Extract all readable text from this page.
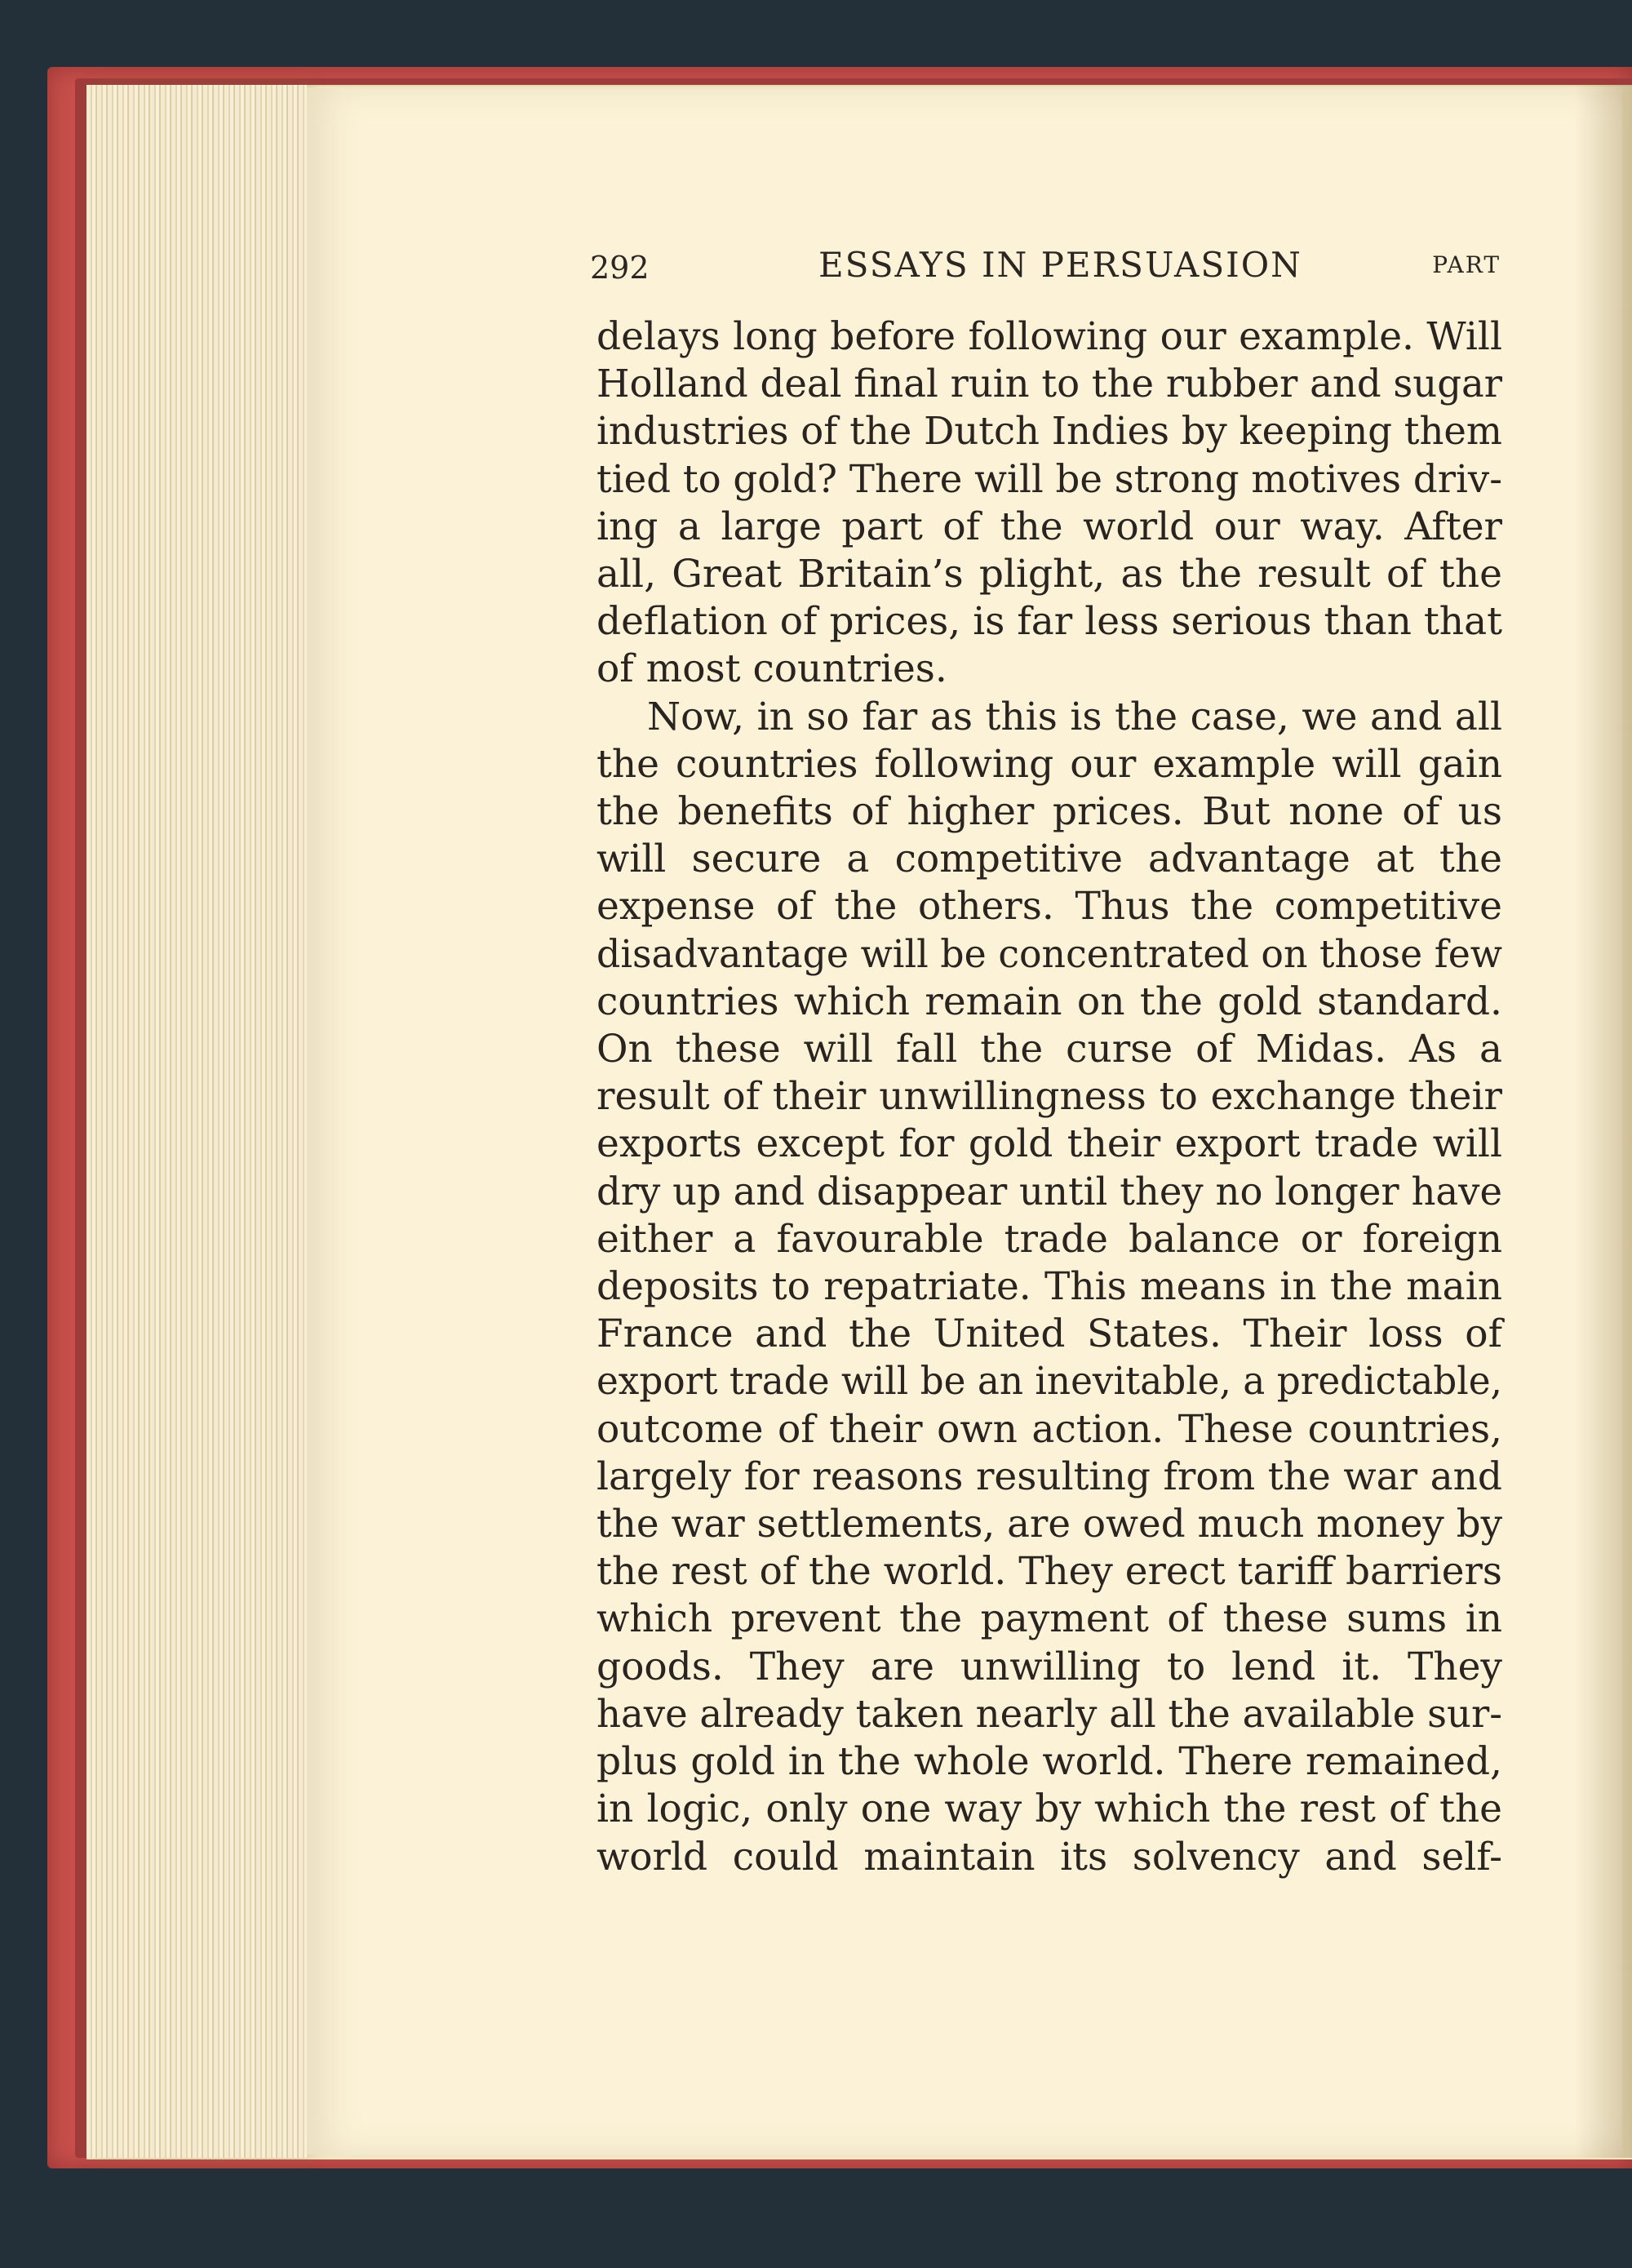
292	ESSAYS IN PERSUASION	PART
delays long before following our example. Will
Holland deal final ruin to the rubber and sugar
industries of the Dutch Indies by keeping them
tied to gold? There will be strong motives driv-
ing a large part of the world our way. After
all, Great Britain’s plight, as the result of the
deflation of prices, is far less serious than that
of most countries.
Now, in so far as this is the case, we and all
the countries following our example will gain
the benefits of higher prices. But none of us
will secure a competitive advantage at the
expense of the others. Thus the competitive
disadvantage will be concentrated on those few
countries which remain on the gold standard.
On these will fall the curse of Midas. As a
result of their unwillingness to exchange their
exports except for gold their export trade will
dry up and disappear until they no longer have
either a favourable trade balance or foreign
deposits to repatriate. This means in the main
France and the United States. Their loss of
export trade will be an inevitable, a predictable,
outcome of their own action. These countries,
largely for reasons resulting from the war and
the war settlements, are owed much money by
the rest of the world. They erect tariff barriers
which prevent the payment of these sums in
goods. They are unwilling to lend it. They
have already taken nearly all the available sur-
plus gold in the whole world. There remained,
in logic, only one way by which the rest of the
world could maintain its solvency and self-
